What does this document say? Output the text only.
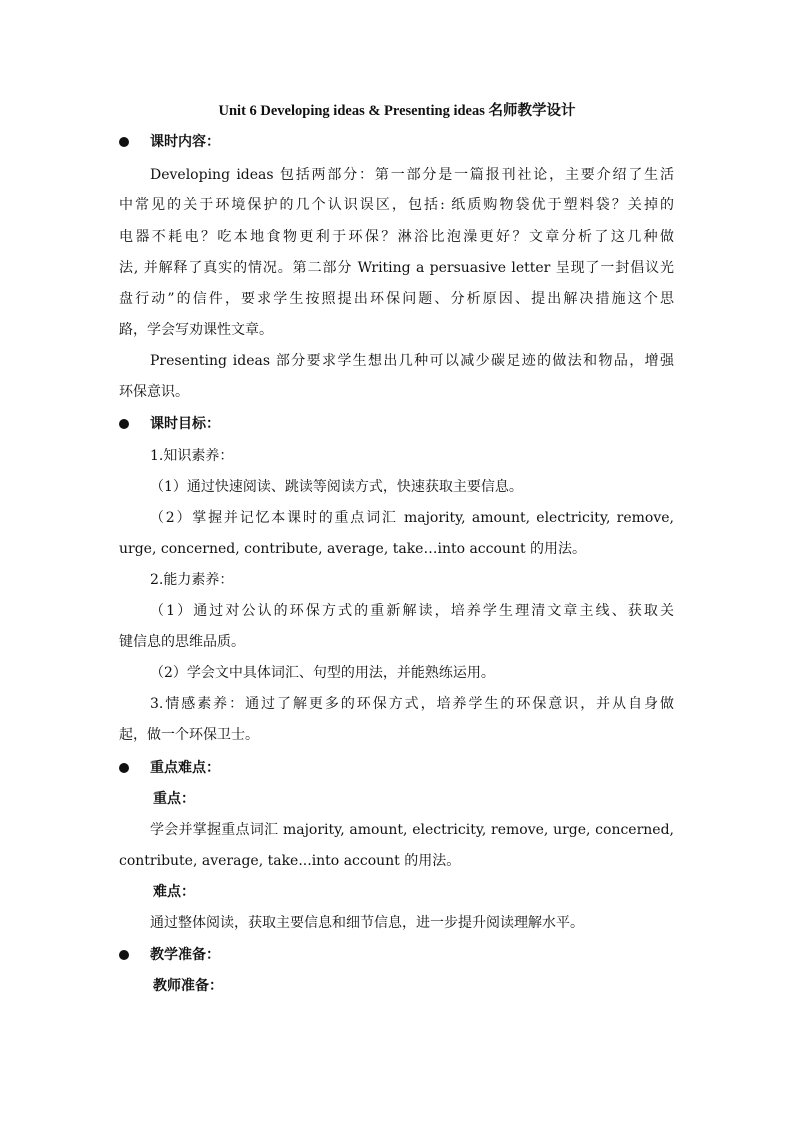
Unit 6 Developing ideas & Presenting ideas 名师教学设计
课时内容：
Developing ideas 包括两部分：第一部分是一篇报刊社论，主要介绍了生活
中常见的关于环境保护的几个认识误区，包括: 纸质购物袋优于塑料袋？关掉的
电器不耗电？吃本地食物更利于环保？淋浴比泡澡更好？文章分析了这几种做
法, 并解释了真实的情况。第二部分 Writing a persuasive letter 呈现了一封倡议光
盘行动”的信件，要求学生按照提出环保问题、分析原因、提出解决措施这个思
路，学会写劝课性文章。
Presenting ideas 部分要求学生想出几种可以减少碳足迹的做法和物品，增强
环保意识。
课时目标：
1.知识素养：
（1）通过快速阅读、跳读等阅读方式，快速获取主要信息。
（2）掌握并记忆本课时的重点词汇 majority, amount, electricity, remove,
urge, concerned, contribute, average, take…into account 的用法。
2.能力素养：
（1）通过对公认的环保方式的重新解读，培养学生理清文章主线、获取关
键信息的思维品质。
（2）学会文中具体词汇、句型的用法，并能熟练运用。
3.情感素养：通过了解更多的环保方式，培养学生的环保意识，并从自身做
起，做一个环保卫士。
重点难点：
重点：
学会并掌握重点词汇 majority, amount, electricity, remove, urge, concerned,
contribute, average, take...into account 的用法。
难点：
通过整体阅读，获取主要信息和细节信息，进一步提升阅读理解水平。
教学准备：
教师准备：
